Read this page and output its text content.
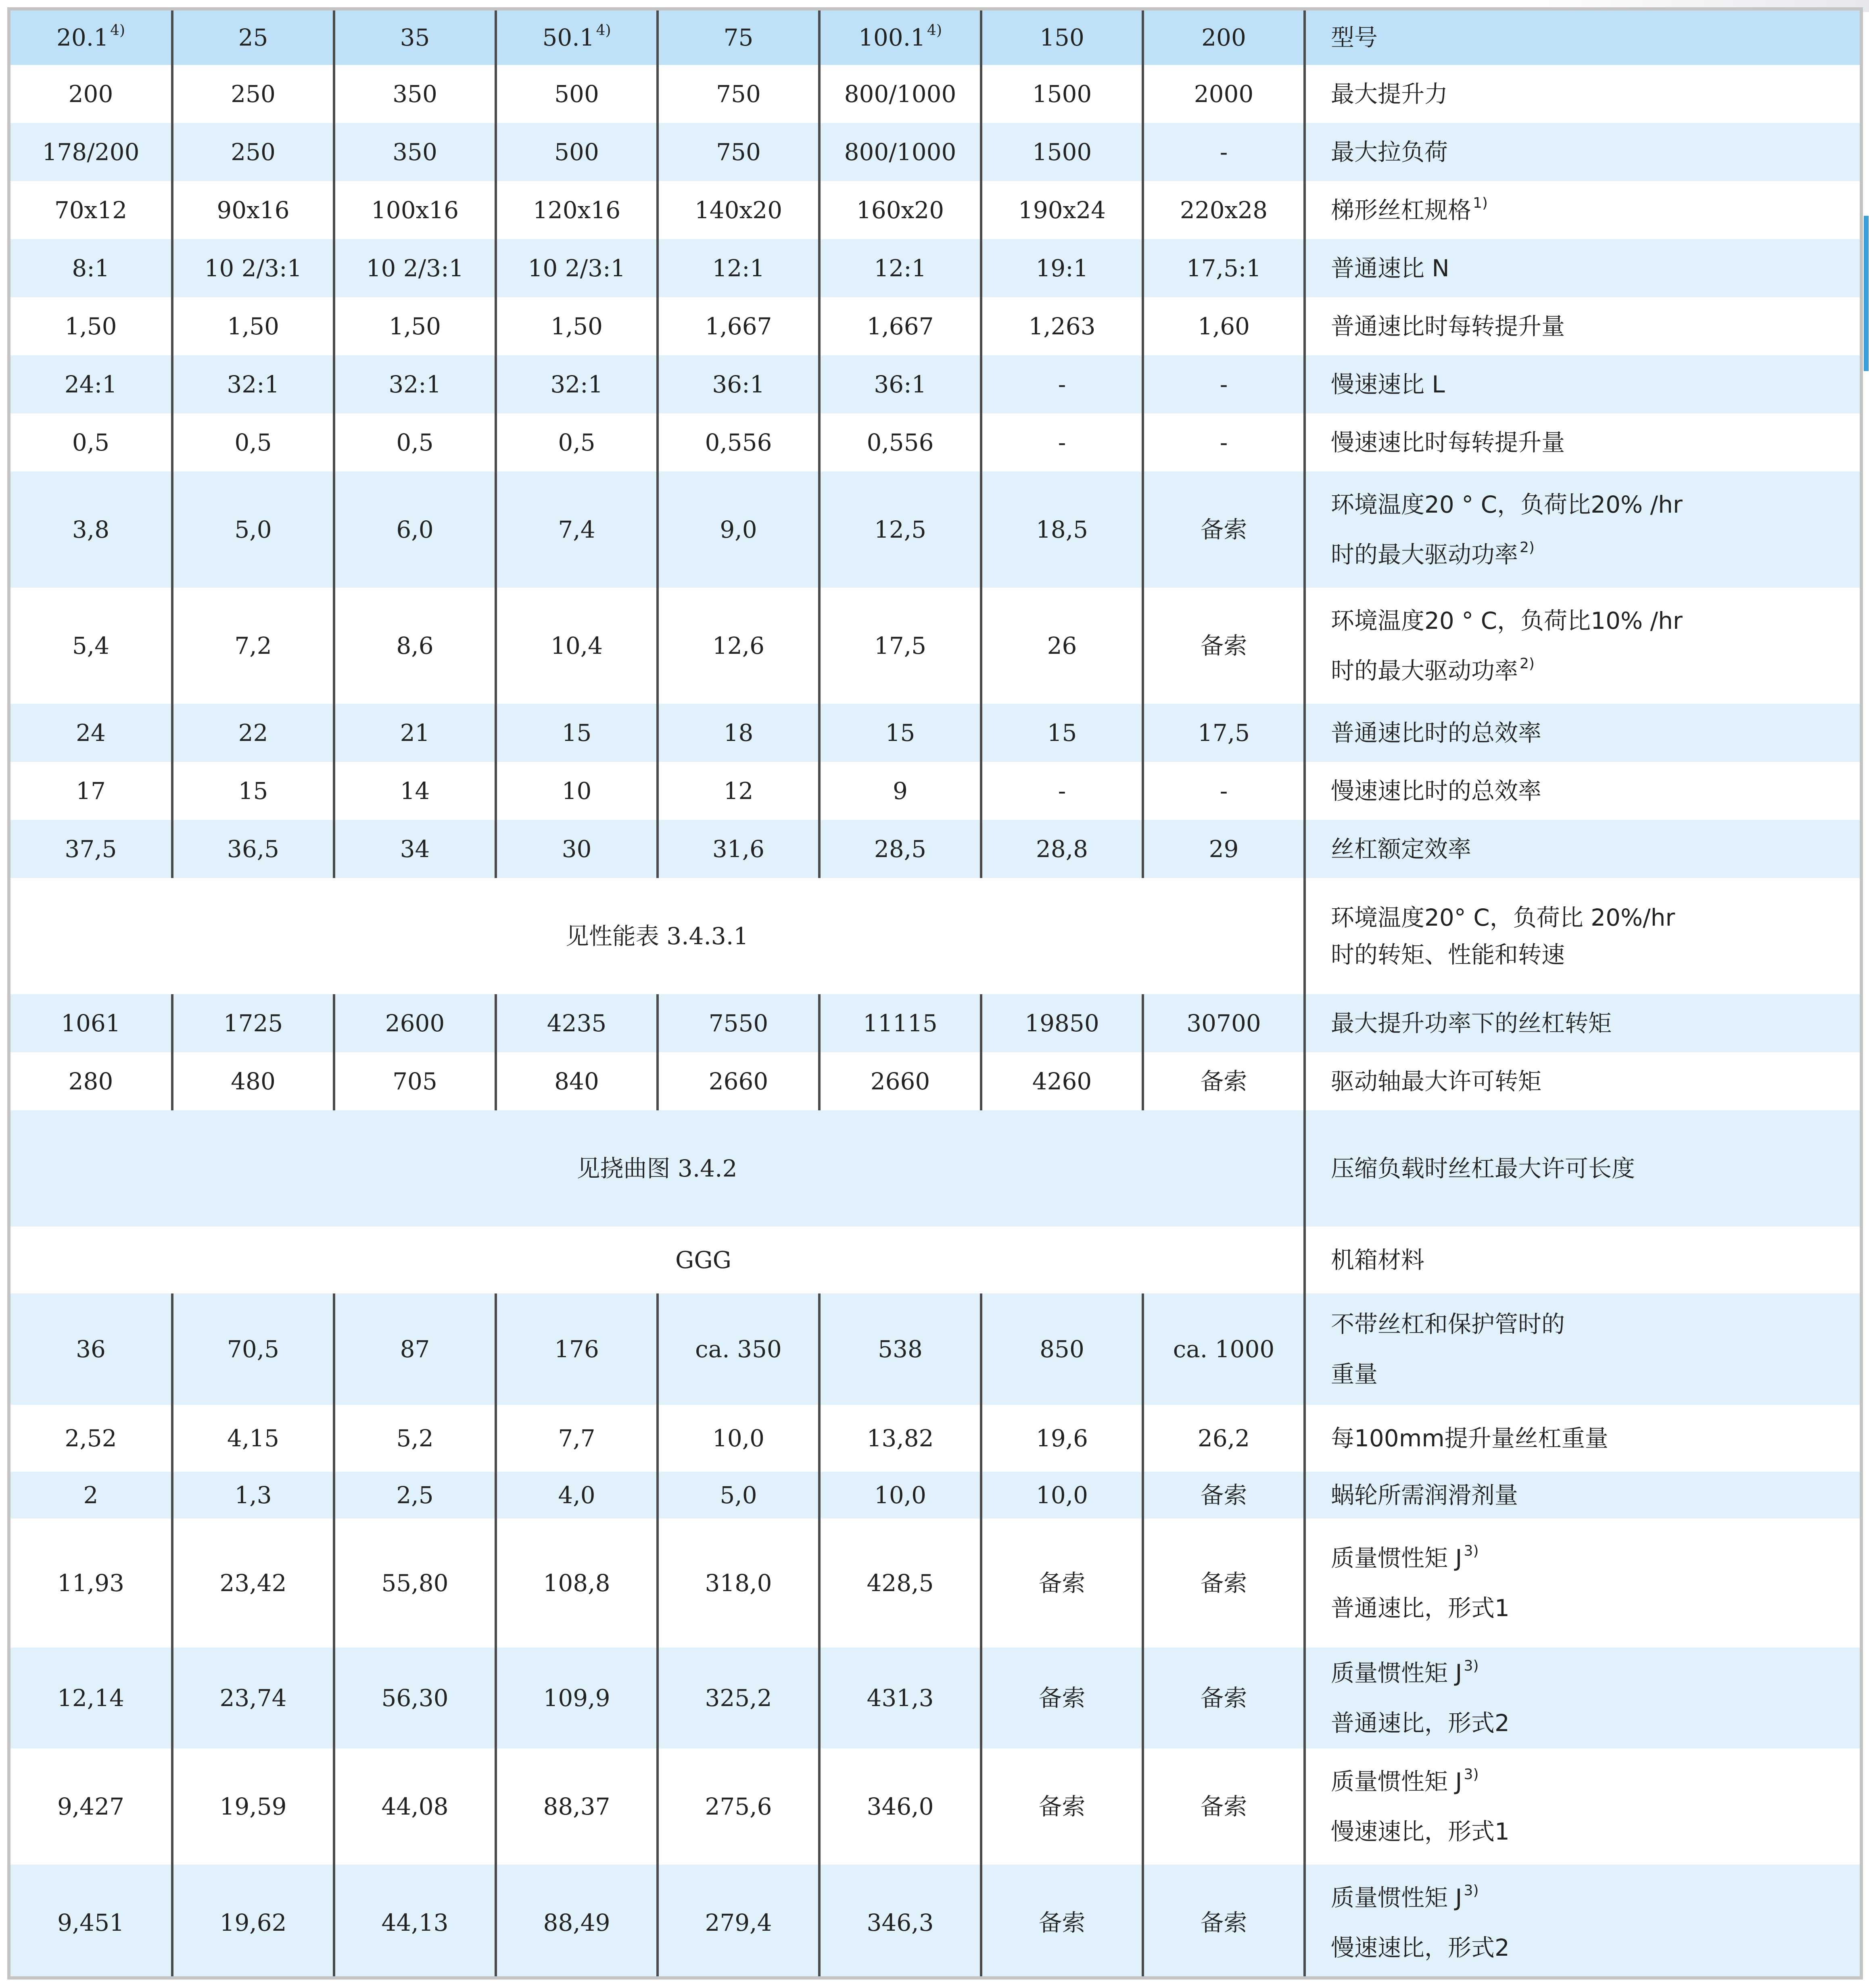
20.1 $^{4)}$	25	35	50.1 $^{4)}$	75	100.1 $^{4)}$	150	200	型号
200	250	350	500	750	800/1000	1500	2000	最大提升力

178/200	250	350	500	750	800/1000	1500	-	最大拉负荷

70x12	90x16	100x16	120x16	140x20	160x20	190x24	220x28	梯形丝杠规格 $^{1)}$

8:1	10 2/3:1	10 2/3:1	10 2/3:1	12:1	12:1	19:1	17,5:1	普通速比 N

1,50	1,50	1,50	1,50	1,667	1,667	1,263	1,60	普通速比时每转提升量

24:1	32:1	32:1	32:1	36:1	36:1	-	-	慢速速比 L

0,5	0,5	0,5	0,5	0,556	0,556	-	-	慢速速比时每转提升量

3,8	5,0	6,0	7,4	9,0	12,5	18,5	备索	环境温度20 ° C，负荷比20% /hr
时的最大驱动功率 $^{2)}$

5,4	7,2	8,6	10,4	12,6	17,5	26	备索	环境温度20 ° C，负荷比10% /hr
时的最大驱动功率 $^{2)}$

24	22	21	15	18	15	15	17,5	普通速比时的总效率

17	15	14	10	12	9	-	-	慢速速比时的总效率

37,5	36,5	34	30	31,6	28,5	28,8	29	丝杠额定效率

见性能表 3.4.3.1								环境温度20° C，负荷比 20%/hr
时的转矩、性能和转速

1061	1725	2600	4235	7550	11115	19850	30700	最大提升功率下的丝杠转矩

280	480	705	840	2660	2660	4260	备索	驱动轴最大许可转矩

见挠曲图 3.4.2								压缩负载时丝杠最大许可长度

GGG								机箱材料

36	70,5	87	176	ca. 350	538	850	ca. 1000	不带丝杠和保护管时的
重量

2,52	4,15	5,2	7,7	10,0	13,82	19,6	26,2	每100mm提升量丝杠重量

2	1,3	2,5	4,0	5,0	10,0	10,0	备索	蜗轮所需润滑剂量

11,93	23,42	55,80	108,8	318,0	428,5	备索	备索	质量惯性矩 J $^{3)}$
普通速比，形式1

12,14	23,74	56,30	109,9	325,2	431,3	备索	备索	质量惯性矩 J $^{3)}$
普通速比，形式2

9,427	19,59	44,08	88,37	275,6	346,0	备索	备索	质量惯性矩 J $^{3)}$
慢速速比，形式1

9,451	19,62	44,13	88,49	279,4	346,3	备索	备索	质量惯性矩 J $^{3)}$
慢速速比，形式2
